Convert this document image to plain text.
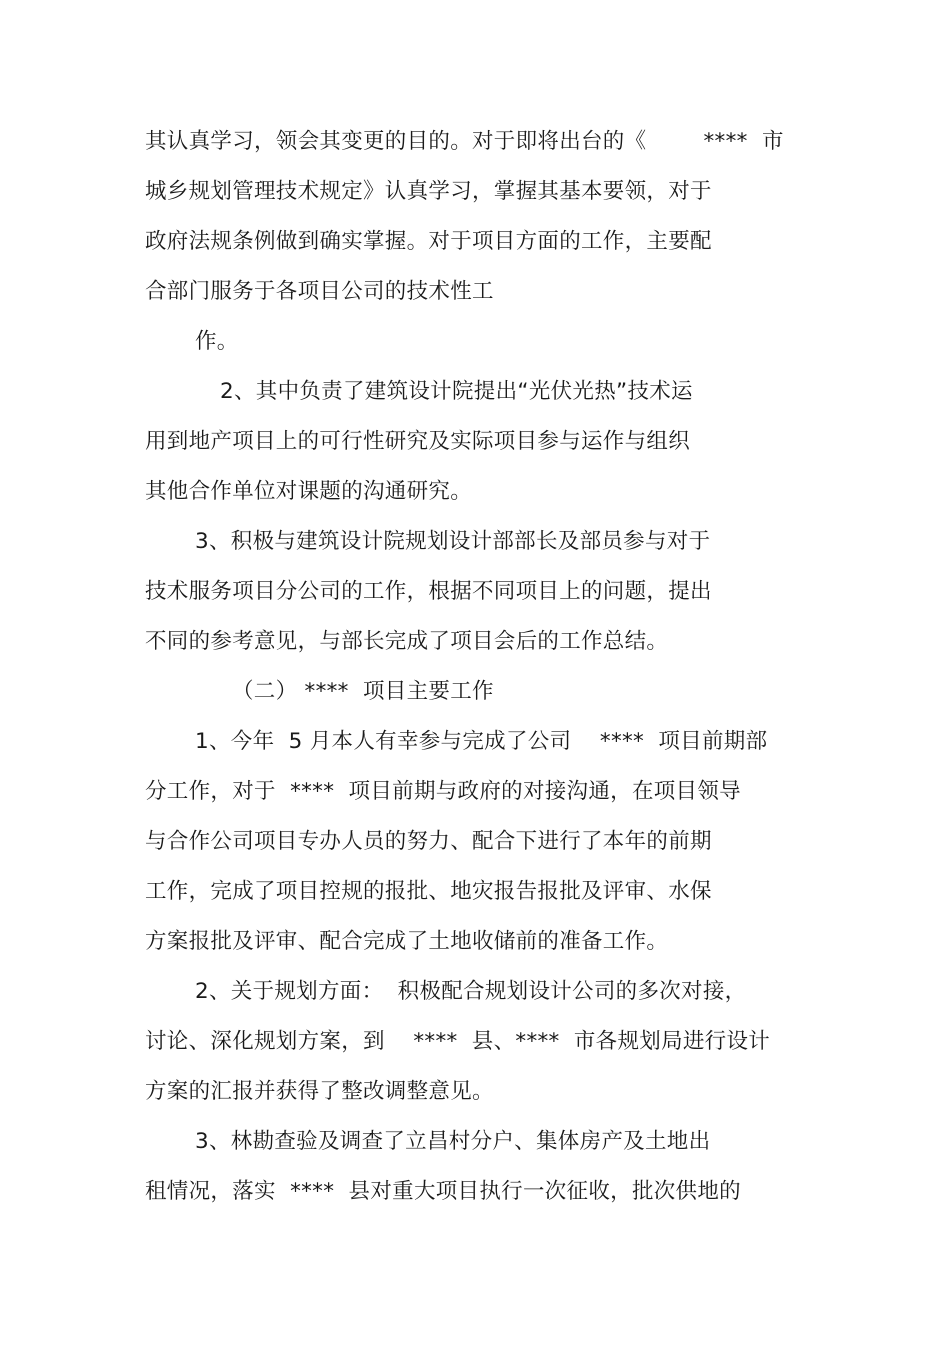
其认真学习，领会其变更的目的。对于即将出台的《        ****  市
城乡规划管理技术规定》认真学习，掌握其基本要领，对于
政府法规条例做到确实掌握。对于项目方面的工作，主要配
合部门服务于各项目公司的技术性工
作。
2、其中负责了建筑设计院提出“光伏光热”技术运
用到地产项目上的可行性研究及实际项目参与运作与组织
其他合作单位对课题的沟通研究。
3、积极与建筑设计院规划设计部部长及部员参与对于
技术服务项目分公司的工作，根据不同项目上的问题，提出
不同的参考意见，与部长完成了项目会后的工作总结。
（二） ****  项目主要工作
1、今年  5 月本人有幸参与完成了公司    ****  项目前期部
分工作，对于  ****  项目前期与政府的对接沟通，在项目领导
与合作公司项目专办人员的努力、配合下进行了本年的前期
工作，完成了项目控规的报批、地灾报告报批及评审、水保
方案报批及评审、配合完成了土地收储前的准备工作。
2、关于规划方面：  积极配合规划设计公司的多次对接，
讨论、深化规划方案，到    ****  县、****  市各规划局进行设计
方案的汇报并获得了整改调整意见。
3、林勘查验及调查了立昌村分户、集体房产及土地出
租情况，落实  ****  县对重大项目执行一次征收，批次供地的
